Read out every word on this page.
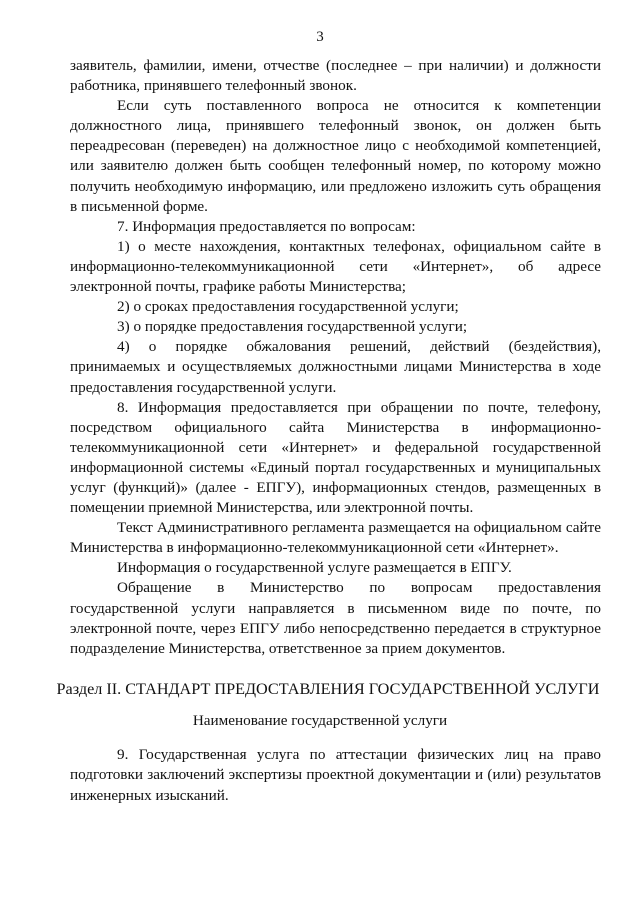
3

заявитель, фамилии, имени, отчестве (последнее – при наличии) и должности работника, принявшего телефонный звонок.

Если суть поставленного вопроса не относится к компетенции должностного лица, принявшего телефонный звонок, он должен быть переадресован (переведен) на должностное лицо с необходимой компетенцией, или заявителю должен быть сообщен телефонный номер, по которому можно получить необходимую информацию, или предложено изложить суть обращения в письменной форме.

7. Информация предоставляется по вопросам:

1) о месте нахождения, контактных телефонах, официальном сайте в информационно-телекоммуникационной сети «Интернет», об адресе электронной почты, графике работы Министерства;

2) о сроках предоставления государственной услуги;

3) о порядке предоставления государственной услуги;

4) о порядке обжалования решений, действий (бездействия), принимаемых и осуществляемых должностными лицами Министерства в ходе предоставления государственной услуги.

8. Информация предоставляется при обращении по почте, телефону, посредством официального сайта Министерства в информационно-телекоммуникационной сети «Интернет» и федеральной государственной информационной системы «Единый портал государственных и муниципальных услуг (функций)» (далее - ЕПГУ), информационных стендов, размещенных в помещении приемной Министерства, или электронной почты.

Текст Административного регламента размещается на официальном сайте Министерства в информационно-телекоммуникационной сети «Интернет».

Информация о государственной услуге размещается в ЕПГУ.

Обращение в Министерство по вопросам предоставления государственной услуги направляется в письменном виде по почте, по электронной почте, через ЕПГУ либо непосредственно передается в структурное подразделение Министерства, ответственное за прием документов.

Раздел II. СТАНДАРТ ПРЕДОСТАВЛЕНИЯ ГОСУДАРСТВЕННОЙ УСЛУГИ
Наименование государственной услуги

9. Государственная услуга по аттестации физических лиц на право подготовки заключений экспертизы проектной документации и (или) результатов инженерных изысканий.
